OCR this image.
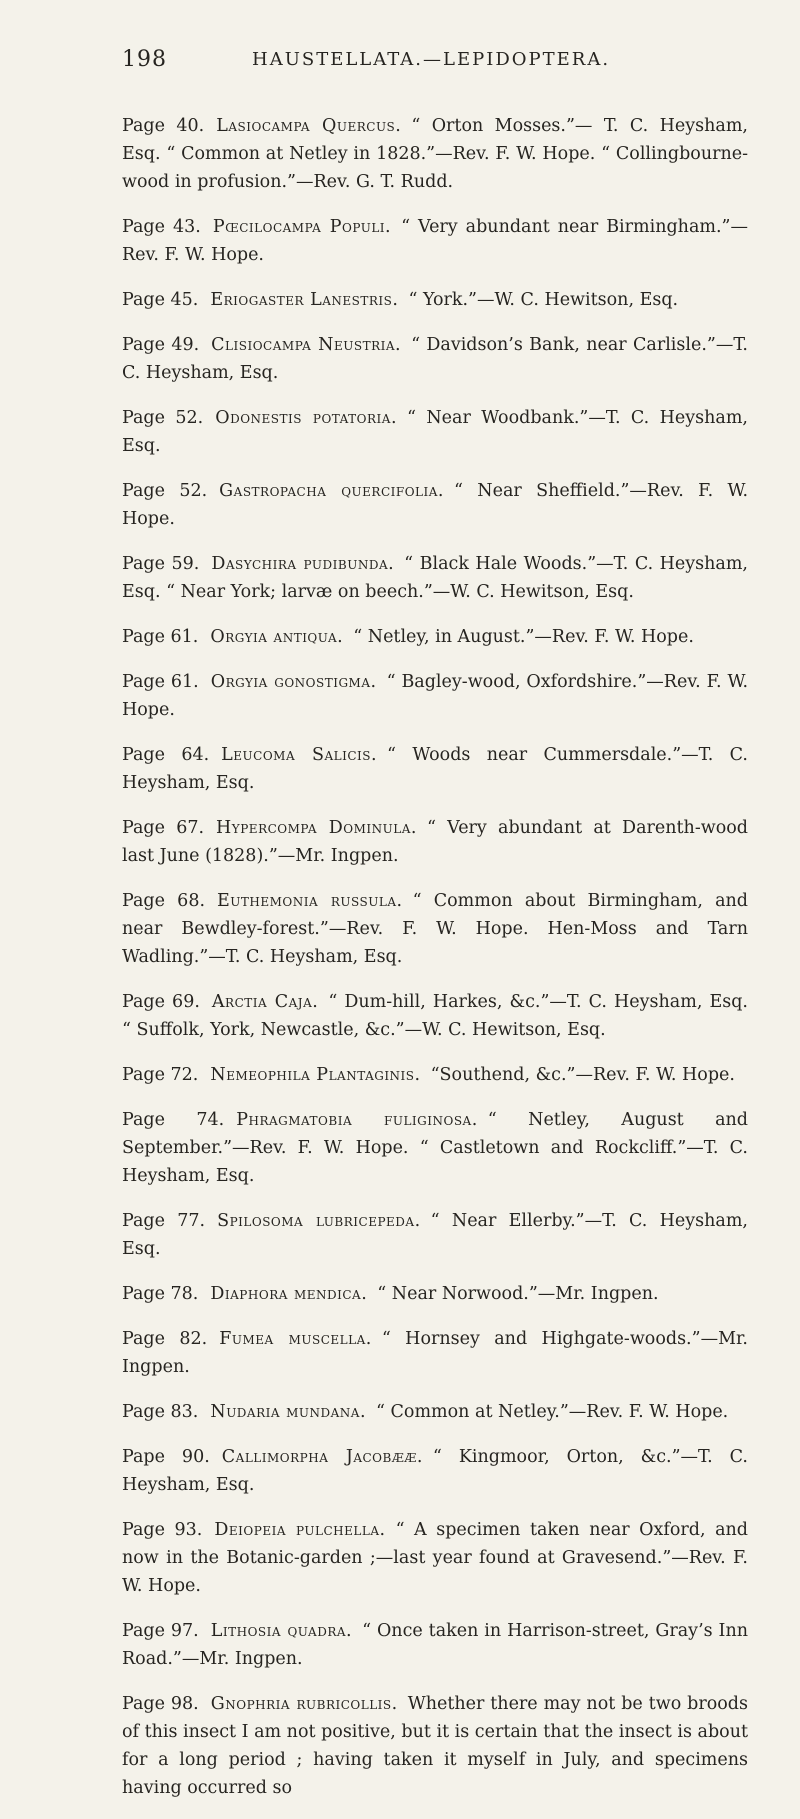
198	HAUSTELLATA.—LEPIDOPTERA.

Page 40. Lasiocampa Quercus. “ Orton Mosses.”— T. C. Heysham, Esq. “ Common at Netley in 1828.”—Rev. F. W. Hope. “ Collingbourne-wood in profusion.”—Rev. G. T. Rudd.

Page 43. Pœcilocampa Populi. “ Very abundant near Birmingham.”—Rev. F. W. Hope.

Page 45. Eriogaster Lanestris. “ York.”—W. C. Hewitson, Esq.

Page 49. Clisiocampa Neustria. “ Davidson’s Bank, near Carlisle.”—T. C. Heysham, Esq.

Page 52. Odonestis potatoria. “ Near Woodbank.”—T. C. Heysham, Esq.

Page 52. Gastropacha quercifolia. “ Near Sheffield.”—Rev. F. W. Hope.

Page 59. Dasychira pudibunda. “ Black Hale Woods.”—T. C. Heysham, Esq. “ Near York; larvæ on beech.”—W. C. Hewitson, Esq.

Page 61. Orgyia antiqua. “ Netley, in August.”—Rev. F. W. Hope.

Page 61. Orgyia gonostigma. “ Bagley-wood, Oxfordshire.”—Rev. F. W. Hope.

Page 64. Leucoma Salicis. “ Woods near Cummersdale.”—T. C. Heysham, Esq.

Page 67. Hypercompa Dominula. “ Very abundant at Darenth-wood last June (1828).”—Mr. Ingpen.

Page 68. Euthemonia russula. “ Common about Birmingham, and near Bewdley-forest.”—Rev. F. W. Hope. Hen-Moss and Tarn Wadling.”—T. C. Heysham, Esq.

Page 69. Arctia Caja. “ Dum-hill, Harkes, &c.”—T. C. Heysham, Esq. “ Suffolk, York, Newcastle, &c.”—W. C. Hewitson, Esq.

Page 72. Nemeophila Plantaginis. “Southend, &c.”—Rev. F. W. Hope.

Page 74. Phragmatobia fuliginosa. “ Netley, August and September.”—Rev. F. W. Hope. “ Castletown and Rockcliff.”—T. C. Heysham, Esq.

Page 77. Spilosoma lubricepeda. “ Near Ellerby.”—T. C. Heysham, Esq.

Page 78. Diaphora mendica. “ Near Norwood.”—Mr. Ingpen.

Page 82. Fumea muscella. “ Hornsey and Highgate-woods.”—Mr. Ingpen.

Page 83. Nudaria mundana. “ Common at Netley.”—Rev. F. W. Hope.

Pape 90. Callimorpha Jacobææ. “ Kingmoor, Orton, &c.”—T. C. Heysham, Esq.

Page 93. Deiopeia pulchella. “ A specimen taken near Oxford, and now in the Botanic-garden ;—last year found at Gravesend.”—Rev. F. W. Hope.

Page 97. Lithosia quadra. “ Once taken in Harrison-street, Gray’s Inn Road.”—Mr. Ingpen.

Page 98. Gnophria rubricollis. Whether there may not be two broods of this insect I am not positive, but it is certain that the insect is about for a long period ; having taken it myself in July, and specimens having occurred so
